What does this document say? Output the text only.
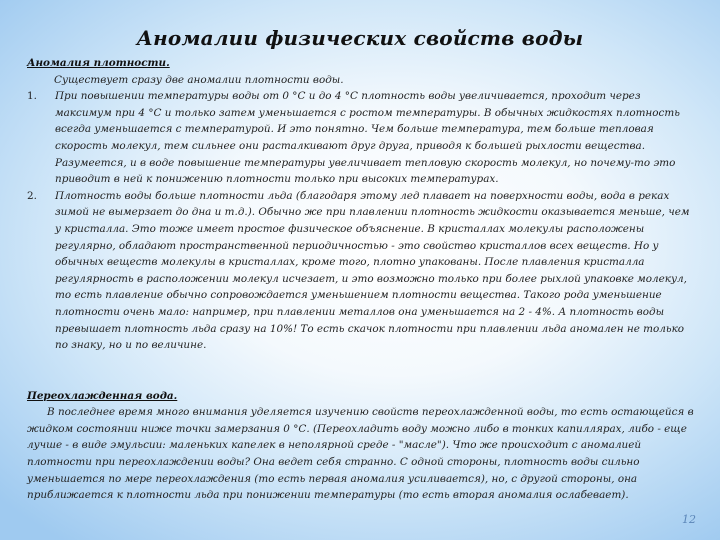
Аномалии физических свойств воды
Аномалия плотности.

Существует сразу две аномалии плотности воды.

1. При повышении температуры воды от 0 °С и до 4 °С плотность воды увеличивается, проходит через максимум при 4 °С и только затем уменьшается с ростом температуры. В обычных жидкостях плотность всегда уменьшается с температурой. И это понятно. Чем больше температура, тем больше тепловая скорость молекул, тем сильнее они расталкивают друг друга, приводя к большей рыхлости вещества. Разумеется, и в воде повышение температуры увеличивает тепловую скорость молекул, но почему-то это приводит в ней к понижению плотности только при высоких температурах.
2. Плотность воды больше плотности льда (благодаря этому лед плавает на поверхности воды, вода в реках зимой не вымерзает до дна и т.д.). Обычно же при плавлении плотность жидкости оказывается меньше, чем у кристалла. Это тоже имеет простое физическое объяснение. В кристаллах молекулы расположены регулярно, обладают пространственной периодичностью - это свойство кристаллов всех веществ. Но у обычных веществ молекулы в кристаллах, кроме того, плотно упакованы. После плавления кристалла регулярность в расположении молекул исчезает, и это возможно только при более рыхлой упаковке молекул, то есть плавление обычно сопровождается уменьшением плотности вещества. Такого рода уменьшение плотности очень мало: например, при плавлении металлов она уменьшается на 2 - 4%. А плотность воды превышает плотность льда сразу на 10%! То есть скачок плотности при плавлении льда аномален не только по знаку, но и по величине.
Переохлажденная вода.

В последнее время много внимания уделяется изучению свойств переохлажденной воды, то есть остающейся в жидком состоянии ниже точки замерзания 0 °С. (Переохладить воду можно либо в тонких капиллярах, либо - еще лучше - в виде эмульсии: маленьких капелек в неполярной среде - "масле"). Что же происходит с аномалией плотности при переохлаждении воды? Она ведет себя странно. С одной стороны, плотность воды сильно уменьшается по мере переохлаждения (то есть первая аномалия усиливается), но, с другой стороны, она приближается к плотности льда при понижении температуры (то есть вторая аномалия ослабевает).

12
